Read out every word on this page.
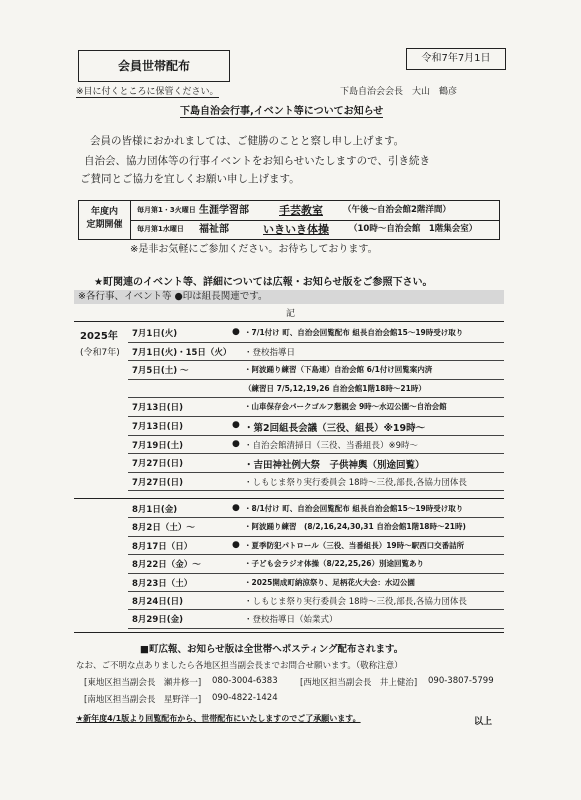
会員世帯配布
令和7年7月1日
※目に付くところに保管ください。	下島自治会会長　大山　鶴彦
下島自治会行事,イベント等についてお知らせ
会員の皆様におかれましては、ご健勝のことと察し申し上げます。
自治会、協力団体等の行事イベントをお知らせいたしますので、引き続き
ご賛同とご協力を宜しくお願い申し上げます。
年度内
定期開催
毎月第1・3火曜日 生涯学習部	手芸教室 （午後～自治会館2階洋間）
毎月第1水曜日 福祉部	いきいき体操 （10時～自治会館　1階集会室）
※是非お気軽にご参加ください。お待ちしております。
★町関連のイベント等、詳細については広報・お知らせ版をご参照下さい。
※各行事、イベント等 ●印は組長関連です。
記
2025年
(令和7年)
7月1日(火)	● ・7/1付け 町、自治会回覧配布 組長自治会館15～19時受け取り
7月1日(火)・15日（火） ・登校指導日
7月5日(土) ～	・阿波踊り練習（下島連）自治会館 6/1付け回覧案内済
（練習日 7/5,12,19,26 自治会館1階18時～21時）
7月13日(日)	・山車保存会パークゴルフ懇親会 9時～水辺公園～自治会館
7月13日(日)	● ・第2回組長会議（三役、組長）※19時～
7月19日(土)	● ・自治会館清掃日（三役、当番組長）※9時～
7月27日(日)	・吉田神社例大祭　子供神輿（別途回覧）
7月27日(日)	・しもじま祭り実行委員会 18時～三役,部長,各協力団体長
8月1日(金)	● ・8/1付け 町、自治会回覧配布 組長自治会館15～19時受け取り
8月2日（土）～	・阿波踊り練習　(8/2,16,24,30,31 自治会館1階18時～21時)
8月17日（日）	● ・夏季防犯パトロール（三役、当番組長）19時～駅西口交番詰所
8月22日（金）～	・子ども会ラジオ体操（8/22,25,26）別途回覧あり
8月23日（土）	・2025開成町納涼祭り、足柄花火大会：水辺公園
8月24日(日)	・しもじま祭り実行委員会 18時～三役,部長,各協力団体長
8月29日(金)	・登校指導日（始業式）
■町広報、お知らせ版は全世帯へポスティング配布されます。
なお、ご不明な点ありましたら各地区担当副会長までお問合せ願います。（敬称注意）
[東地区担当副会長　瀬井修一] 080-3004-6383	[西地区担当副会長　井上健治] 090-3807-5799
[南地区担当副会長　星野洋一] 090-4822-1424
★新年度4/1版より回覧配布から、世帯配布にいたしますのでご了承願います。	以上
